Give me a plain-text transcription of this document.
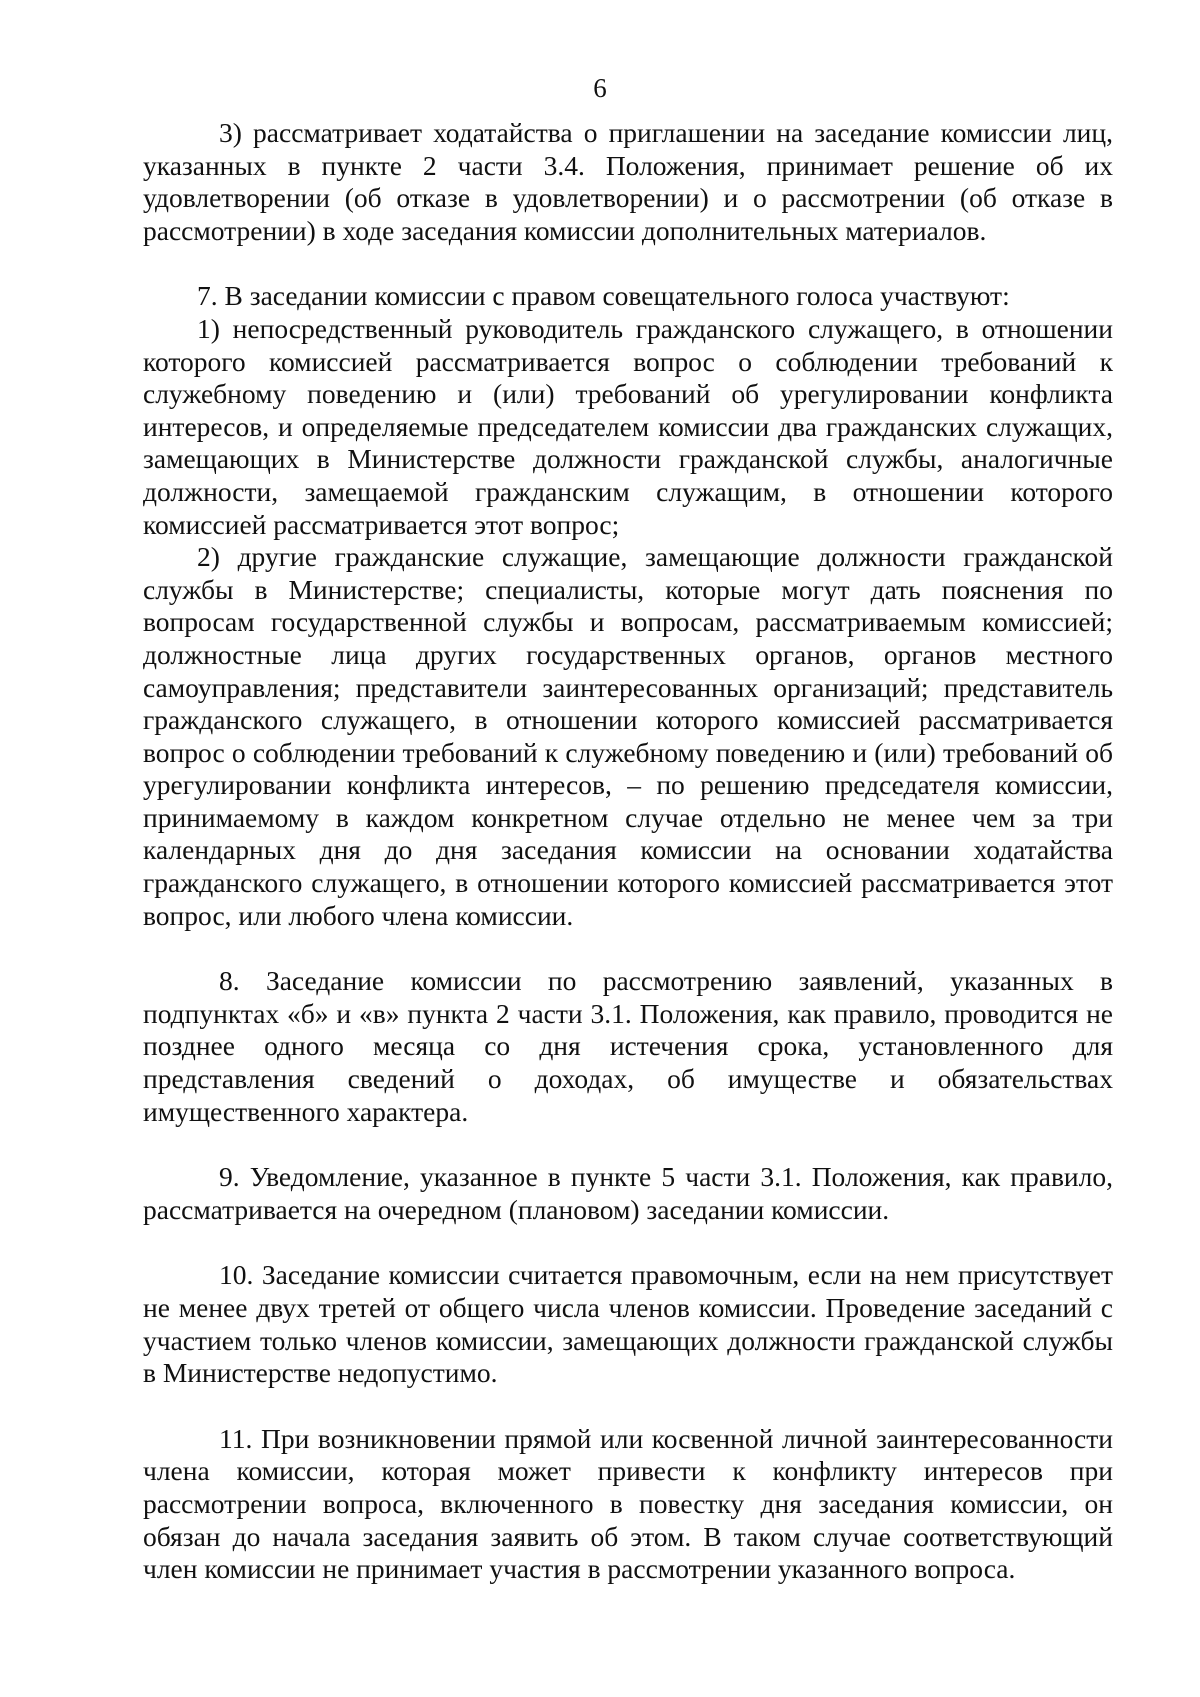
6

3) рассматривает ходатайства о приглашении на заседание комиссии лиц, указанных в пункте 2 части 3.4. Положения, принимает решение об их удовлетворении (об отказе в удовлетворении) и о рассмотрении (об отказе в рассмотрении) в ходе заседания комиссии дополнительных материалов.

7. В заседании комиссии с правом совещательного голоса участвуют:

1) непосредственный руководитель гражданского служащего, в отношении которого комиссией рассматривается вопрос о соблюдении требований к служебному поведению и (или) требований об урегулировании конфликта интересов, и определяемые председателем комиссии два гражданских служащих, замещающих в Министерстве должности гражданской службы, аналогичные должности, замещаемой гражданским служащим, в отношении которого комиссией рассматривается этот вопрос;

2) другие гражданские служащие, замещающие должности гражданской службы в Министерстве; специалисты, которые могут дать пояснения по вопросам государственной службы и вопросам, рассматриваемым комиссией; должностные лица других государственных органов, органов местного самоуправления; представители заинтересованных организаций; представитель гражданского служащего, в отношении которого комиссией рассматривается вопрос о соблюдении требований к служебному поведению и (или) требований об урегулировании конфликта интересов, – по решению председателя комиссии, принимаемому в каждом конкретном случае отдельно не менее чем за три календарных дня до дня заседания комиссии на основании ходатайства гражданского служащего, в отношении которого комиссией рассматривается этот вопрос, или любого члена комиссии.

8. Заседание комиссии по рассмотрению заявлений, указанных в подпунктах «б» и «в» пункта 2 части 3.1. Положения, как правило, проводится не позднее одного месяца со дня истечения срока, установленного для представления сведений о доходах, об имуществе и обязательствах имущественного характера.

9. Уведомление, указанное в пункте 5 части 3.1. Положения, как правило, рассматривается на очередном (плановом) заседании комиссии.

10. Заседание комиссии считается правомочным, если на нем присутствует не менее двух третей от общего числа членов комиссии. Проведение заседаний с участием только членов комиссии, замещающих должности гражданской службы в Министерстве недопустимо.

11. При возникновении прямой или косвенной личной заинтересованности члена комиссии, которая может привести к конфликту интересов при рассмотрении вопроса, включенного в повестку дня заседания комиссии, он обязан до начала заседания заявить об этом. В таком случае соответствующий член комиссии не принимает участия в рассмотрении указанного вопроса.
